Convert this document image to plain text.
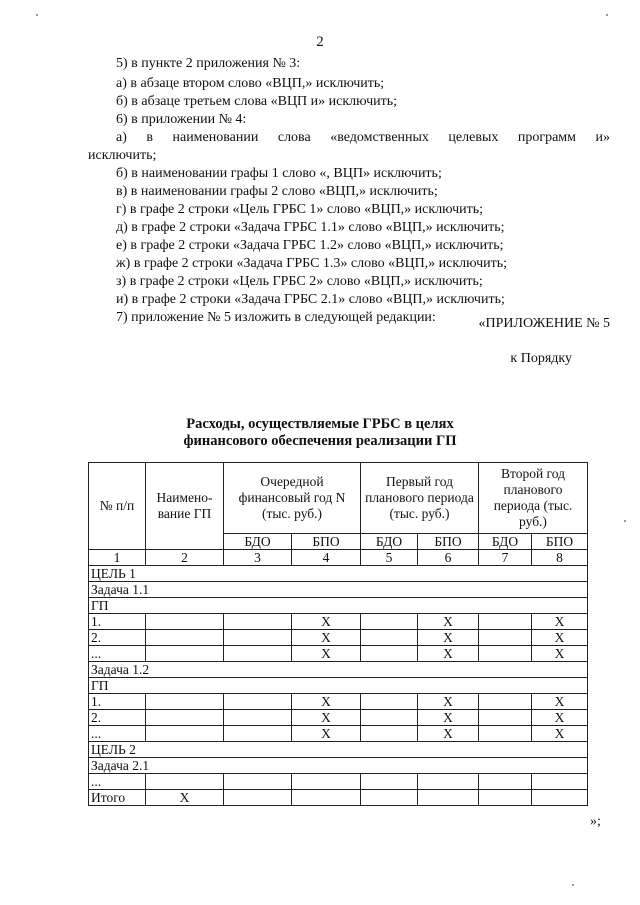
2
5) в пункте 2 приложения № 3:
а) в абзаце втором слово «ВЦП,» исключить;
б) в абзаце третьем слова «ВЦП и» исключить;
6) в приложении № 4:
а) в наименовании слова «ведомственных целевых программ и»
исключить;
б) в наименовании графы 1 слово «, ВЦП» исключить;
в) в наименовании графы 2 слово «ВЦП,» исключить;
г) в графе 2 строки «Цель ГРБС 1» слово «ВЦП,» исключить;
д) в графе 2 строки «Задача ГРБС 1.1» слово «ВЦП,» исключить;
е) в графе 2 строки «Задача ГРБС 1.2» слово «ВЦП,» исключить;
ж) в графе 2 строки «Задача ГРБС 1.3» слово «ВЦП,» исключить;
з) в графе 2 строки «Цель ГРБС 2» слово «ВЦП,» исключить;
и) в графе 2 строки «Задача ГРБС 2.1» слово «ВЦП,» исключить;
7) приложение № 5 изложить в следующей редакции:	«ПРИЛОЖЕНИЕ № 5
к Порядку
Расходы, осуществляемые ГРБС в целях
финансового обеспечения реализации ГП
№ п/п	Наимено-вание ГП	Очередной финансовый год N (тыс. руб.)		Первый год планового периода (тыс. руб.)		Второй год планового периода (тыс. руб.)	
		БДО	БПО	БДО	БПО	БДО	БПО
1	2	3	4	5	6	7	8
ЦЕЛЬ 1							
Задача 1.1							
ГП							
1.			X		X		X
2.			X		X		X
...			X		X		X
Задача 1.2							
ГП							
1.			X		X		X
2.			X		X		X
...			X		X		X
ЦЕЛЬ 2							
Задача 2.1							
...							
Итого	X						
»;
